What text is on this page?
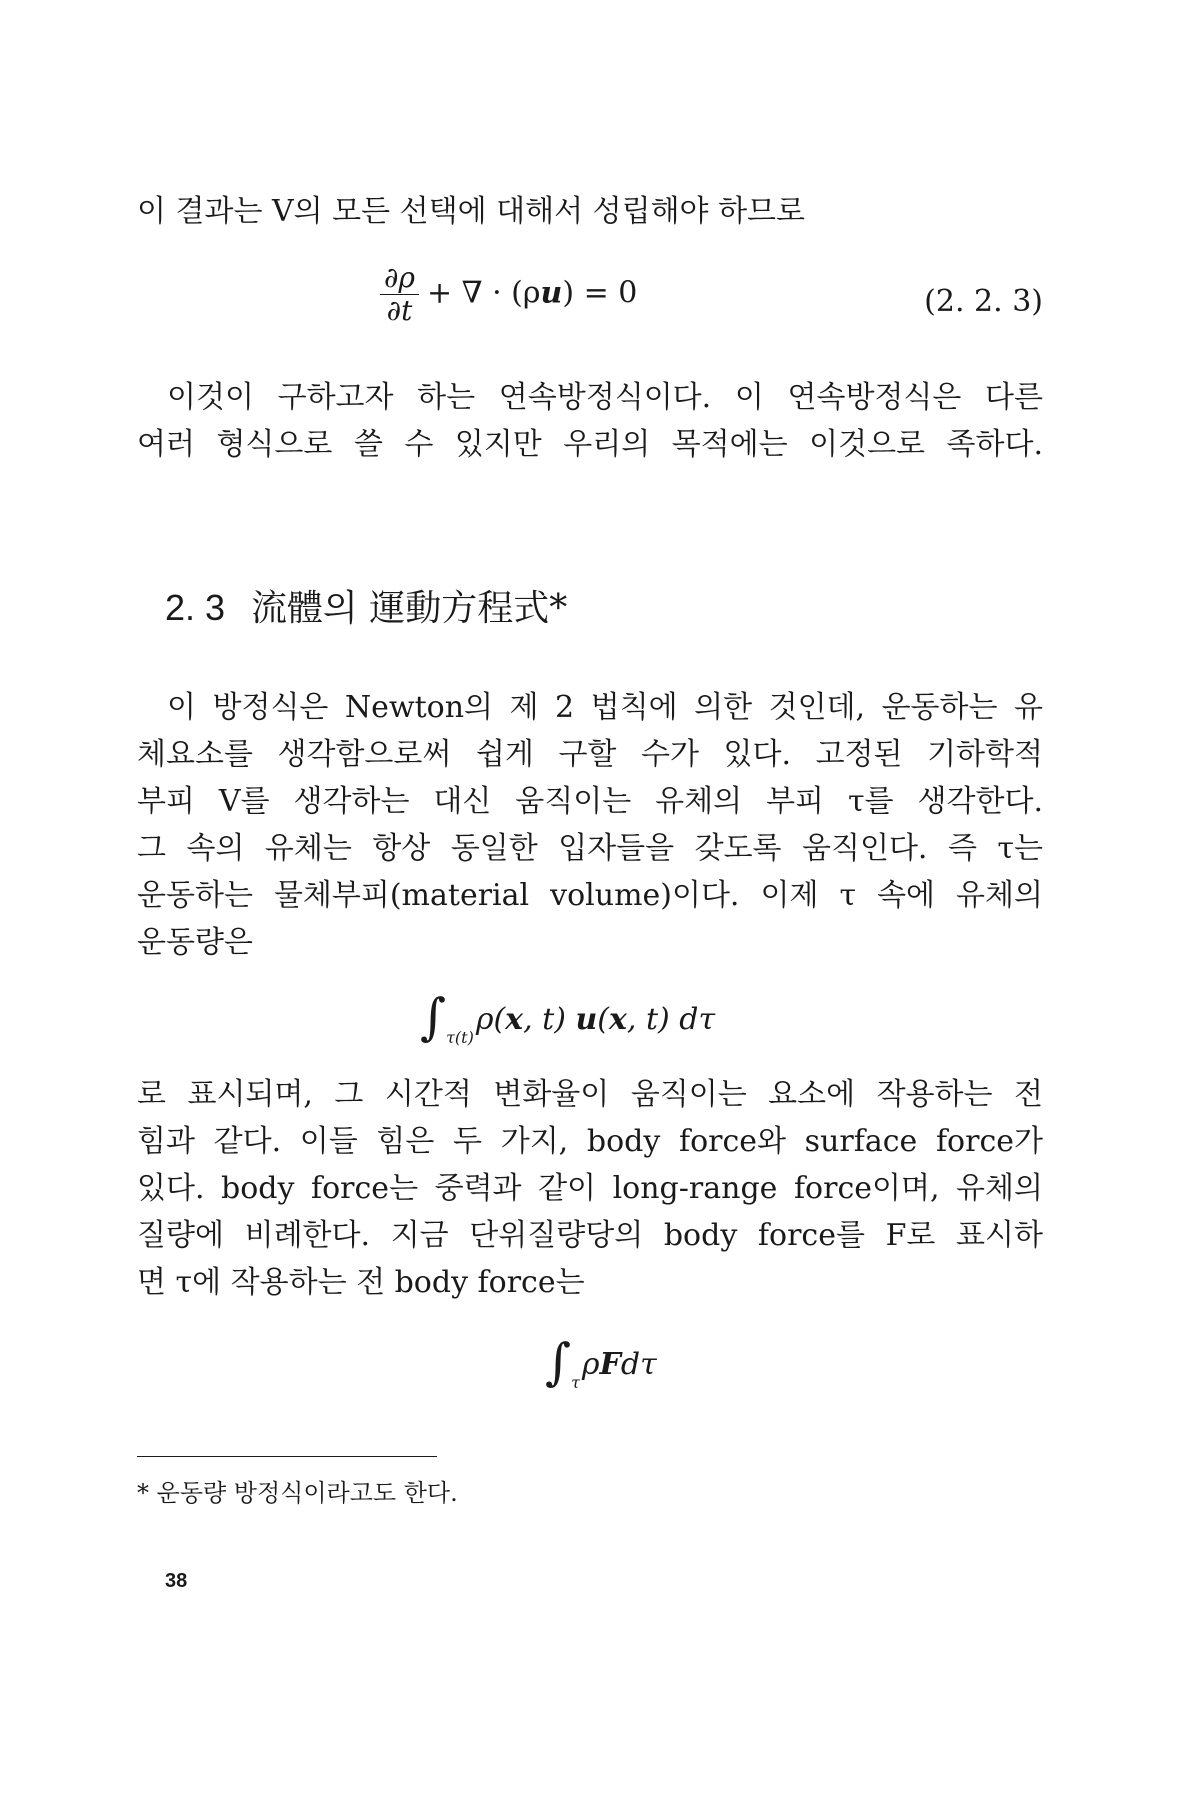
이 결과는 V의 모든 선택에 대해서 성립해야 하므로
$\frac{\partial\rho}{\partial t}$ + ∇ · (ρu) = 0	(2. 2. 3)
이것이 구하고자 하는 연속방정식이다. 이 연속방정식은 다른
여러 형식으로 쓸 수 있지만 우리의 목적에는 이것으로 족하다.
2. 3 流體의 運動方程式*
이 방정식은 Newton의 제 2 법칙에 의한 것인데, 운동하는 유
체요소를 생각함으로써 쉽게 구할 수가 있다. 고정된 기하학적
부피 V를 생각하는 대신 움직이는 유체의 부피 τ를 생각한다.
그 속의 유체는 항상 동일한 입자들을 갖도록 움직인다. 즉 τ는
운동하는 물체부피(material volume)이다. 이제 τ 속에 유체의
운동량은
$\int_{\tau(t)}\rho(x$, t) u(x, t) dτ
로 표시되며, 그 시간적 변화율이 움직이는 요소에 작용하는 전
힘과 같다. 이들 힘은 두 가지, body force와 surface force가
있다. body force는 중력과 같이 long-range force이며, 유체의
질량에 비례한다. 지금 단위질량당의 body force를 F로 표시하
면 τ에 작용하는 전 body force는
$\int_\tau\rho Fd\tau$
* 운동량 방정식이라고도 한다.
38
